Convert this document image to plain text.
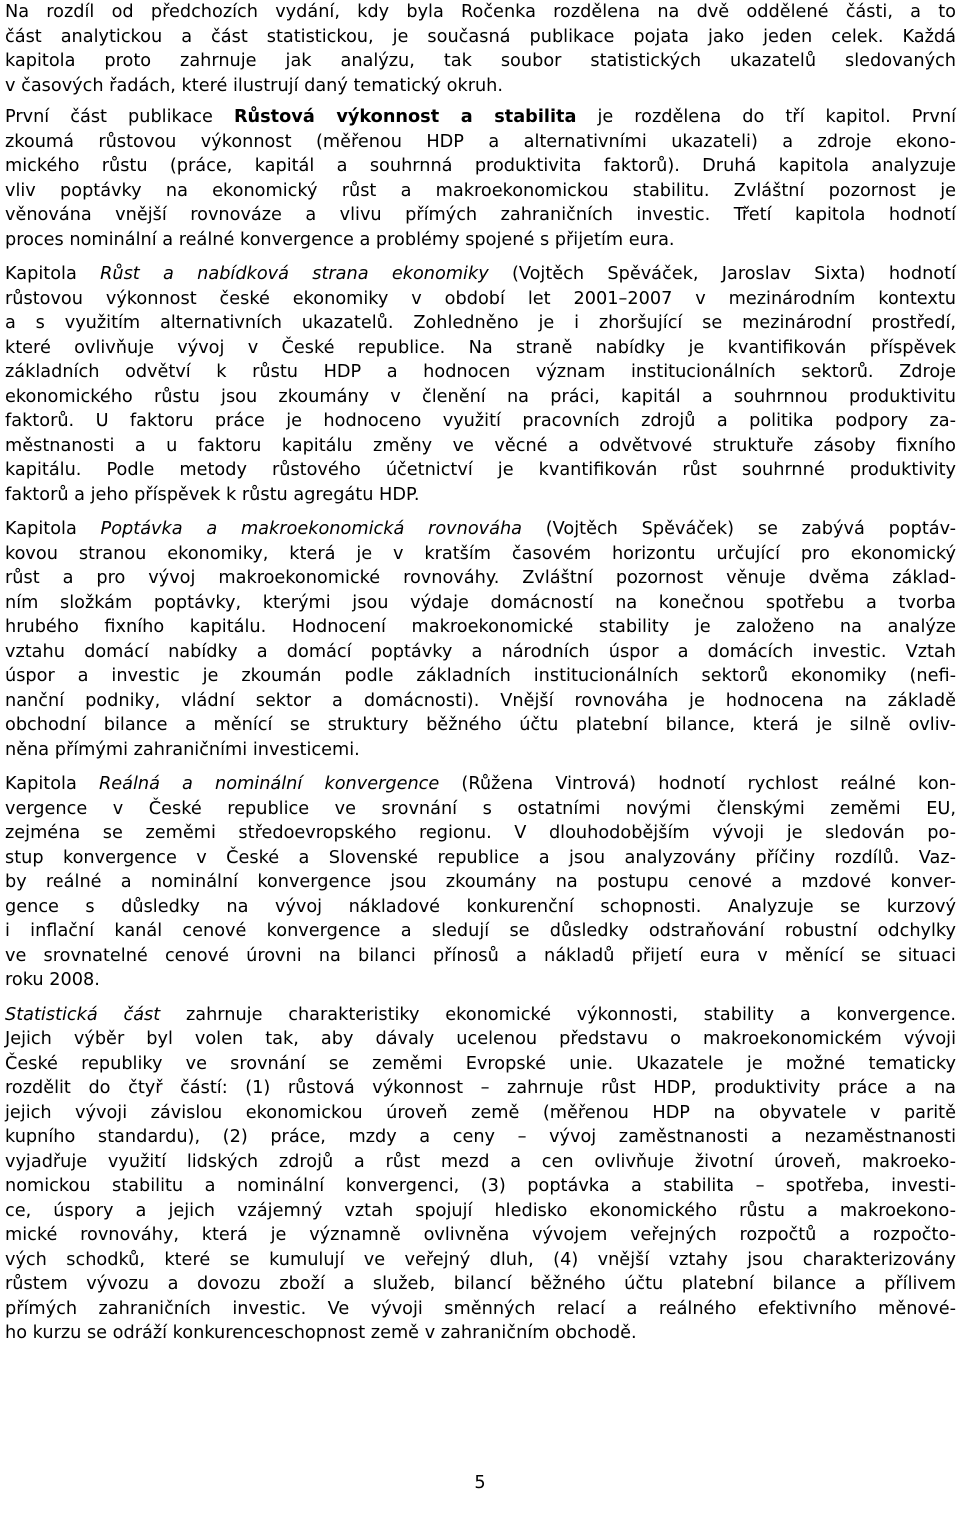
Na rozdíl od předchozích vydání, kdy byla Ročenka rozdělena na dvě oddělené části, a to
část analytickou a část statistickou, je současná publikace pojata jako jeden celek. Každá
kapitola proto zahrnuje jak analýzu, tak soubor statistických ukazatelů sledovaných
v časových řadách, které ilustrují daný tematický okruh.
První část publikace Růstová výkonnost a stabilita je rozdělena do tří kapitol. První
zkoumá růstovou výkonnost (měřenou HDP a alternativními ukazateli) a zdroje ekono-
mického růstu (práce, kapitál a souhrnná produktivita faktorů). Druhá kapitola analyzuje
vliv poptávky na ekonomický růst a makroekonomickou stabilitu. Zvláštní pozornost je
věnována vnější rovnováze a vlivu přímých zahraničních investic. Třetí kapitola hodnotí
proces nominální a reálné konvergence a problémy spojené s přijetím eura.
Kapitola Růst a nabídková strana ekonomiky (Vojtěch Spěváček, Jaroslav Sixta) hodnotí
růstovou výkonnost české ekonomiky v období let 2001–2007 v mezinárodním kontextu
a s využitím alternativních ukazatelů. Zohledněno je i zhoršující se mezinárodní prostředí,
které ovlivňuje vývoj v České republice. Na straně nabídky je kvantifikován příspěvek
základních odvětví k růstu HDP a hodnocen význam institucionálních sektorů. Zdroje
ekonomického růstu jsou zkoumány v členění na práci, kapitál a souhrnnou produktivitu
faktorů. U faktoru práce je hodnoceno využití pracovních zdrojů a politika podpory za-
městnanosti a u faktoru kapitálu změny ve věcné a odvětvové struktuře zásoby fixního
kapitálu. Podle metody růstového účetnictví je kvantifikován růst souhrnné produktivity
faktorů a jeho příspěvek k růstu agregátu HDP.
Kapitola Poptávka a makroekonomická rovnováha (Vojtěch Spěváček) se zabývá poptáv-
kovou stranou ekonomiky, která je v kratším časovém horizontu určující pro ekonomický
růst a pro vývoj makroekonomické rovnováhy. Zvláštní pozornost věnuje dvěma základ-
ním složkám poptávky, kterými jsou výdaje domácností na konečnou spotřebu a tvorba
hrubého fixního kapitálu. Hodnocení makroekonomické stability je založeno na analýze
vztahu domácí nabídky a domácí poptávky a národních úspor a domácích investic. Vztah
úspor a investic je zkoumán podle základních institucionálních sektorů ekonomiky (nefi-
nanční podniky, vládní sektor a domácnosti). Vnější rovnováha je hodnocena na základě
obchodní bilance a měnící se struktury běžného účtu platební bilance, která je silně ovliv-
něna přímými zahraničními investicemi.
Kapitola Reálná a nominální konvergence (Růžena Vintrová) hodnotí rychlost reálné kon-
vergence v České republice ve srovnání s ostatními novými členskými zeměmi EU,
zejména se zeměmi středoevropského regionu. V dlouhodobějším vývoji je sledován po-
stup konvergence v České a Slovenské republice a jsou analyzovány příčiny rozdílů. Vaz-
by reálné a nominální konvergence jsou zkoumány na postupu cenové a mzdové konver-
gence s důsledky na vývoj nákladové konkurenční schopnosti. Analyzuje se kurzový
i inflační kanál cenové konvergence a sledují se důsledky odstraňování robustní odchylky
ve srovnatelné cenové úrovni na bilanci přínosů a nákladů přijetí eura v měnící se situaci
roku 2008.
Statistická část zahrnuje charakteristiky ekonomické výkonnosti, stability a konvergence.
Jejich výběr byl volen tak, aby dávaly ucelenou představu o makroekonomickém vývoji
České republiky ve srovnání se zeměmi Evropské unie. Ukazatele je možné tematicky
rozdělit do čtyř částí: (1) růstová výkonnost – zahrnuje růst HDP, produktivity práce a na
jejich vývoji závislou ekonomickou úroveň země (měřenou HDP na obyvatele v paritě
kupního standardu), (2) práce, mzdy a ceny – vývoj zaměstnanosti a nezaměstnanosti
vyjadřuje využití lidských zdrojů a růst mezd a cen ovlivňuje životní úroveň, makroeko-
nomickou stabilitu a nominální konvergenci, (3) poptávka a stabilita – spotřeba, investi-
ce, úspory a jejich vzájemný vztah spojují hledisko ekonomického růstu a makroekono-
mické rovnováhy, která je významně ovlivněna vývojem veřejných rozpočtů a rozpočto-
vých schodků, které se kumulují ve veřejný dluh, (4) vnější vztahy jsou charakterizovány
růstem vývozu a dovozu zboží a služeb, bilancí běžného účtu platební bilance a přílivem
přímých zahraničních investic. Ve vývoji směnných relací a reálného efektivního měnové-
ho kurzu se odráží konkurenceschopnost země v zahraničním obchodě.
5
